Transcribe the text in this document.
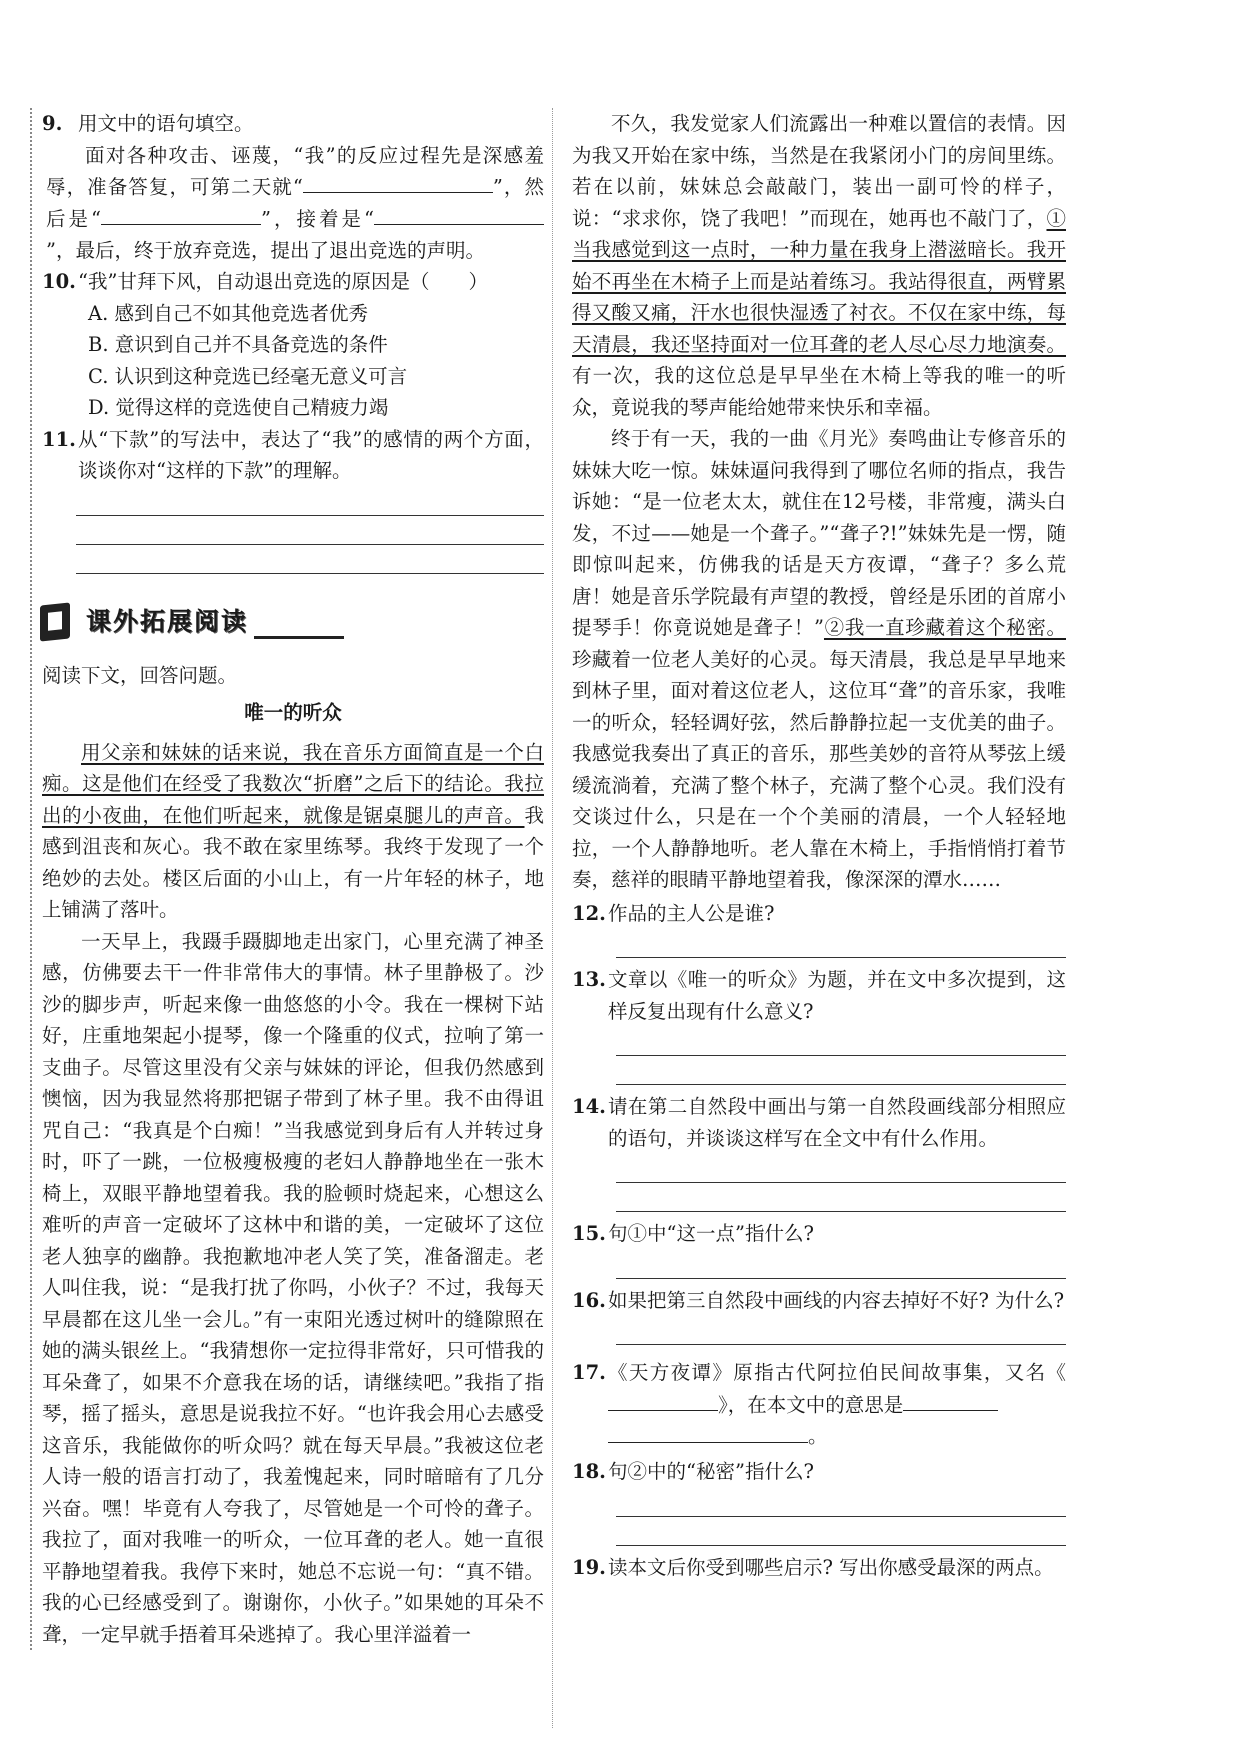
9. 用文中的语句填空。

面对各种攻击、诬蔑，“我”的反应过程先是深感羞辱，准备答复，可第二天就“	”，然后是“	”，接着是“”，最后，终于放弃竞选，提出了退出竞选的声明。

10. “我”甘拜下风，自动退出竞选的原因是（　　）
A. 感到自己不如其他竞选者优秀
B. 意识到自己并不具备竞选的条件
C. 认识到这种竞选已经毫无意义可言
D. 觉得这样的竞选使自己精疲力竭
11. 从“下款”的写法中，表达了“我”的感情的两个方面，谈谈你对“这样的下款”的理解。
课外拓展阅读

阅读下文，回答问题。

唯一的听众

用父亲和妹妹的话来说，我在音乐方面简直是一个白痴。这是他们在经受了我数次“折磨”之后下的结论。我拉出的小夜曲，在他们听起来，就像是锯桌腿儿的声音。我感到沮丧和灰心。我不敢在家里练琴。我终于发现了一个绝妙的去处。楼区后面的小山上，有一片年轻的林子，地上铺满了落叶。

一天早上，我蹑手蹑脚地走出家门，心里充满了神圣感，仿佛要去干一件非常伟大的事情。林子里静极了。沙沙的脚步声，听起来像一曲悠悠的小令。我在一棵树下站好，庄重地架起小提琴，像一个隆重的仪式，拉响了第一支曲子。尽管这里没有父亲与妹妹的评论，但我仍然感到懊恼，因为我显然将那把锯子带到了林子里。我不由得诅咒自己：“我真是个白痴！”当我感觉到身后有人并转过身时，吓了一跳，一位极瘦极瘦的老妇人静静地坐在一张木椅上，双眼平静地望着我。我的脸顿时烧起来，心想这么难听的声音一定破坏了这林中和谐的美，一定破坏了这位老人独享的幽静。我抱歉地冲老人笑了笑，准备溜走。老人叫住我，说：“是我打扰了你吗，小伙子？不过，我每天早晨都在这儿坐一会儿。”有一束阳光透过树叶的缝隙照在她的满头银丝上。“我猜想你一定拉得非常好，只可惜我的耳朵聋了，如果不介意我在场的话，请继续吧。”我指了指琴，摇了摇头，意思是说我拉不好。“也许我会用心去感受这音乐，我能做你的听众吗？就在每天早晨。”我被这位老人诗一般的语言打动了，我羞愧起来，同时暗暗有了几分兴奋。嘿！毕竟有人夸我了，尽管她是一个可怜的聋子。我拉了，面对我唯一的听众，一位耳聋的老人。她一直很平静地望着我。我停下来时，她总不忘说一句：“真不错。我的心已经感受到了。谢谢你，小伙子。”如果她的耳朵不聋，一定早就手捂着耳朵逃掉了。我心里洋溢着一

不久，我发觉家人们流露出一种难以置信的表情。因为我又开始在家中练，当然是在我紧闭小门的房间里练。若在以前，妹妹总会敲敲门，装出一副可怜的样子，说：“求求你，饶了我吧！”而现在，她再也不敲门了，①当我感觉到这一点时，一种力量在我身上潜滋暗长。我开始不再坐在木椅子上而是站着练习。我站得很直，两臂累得又酸又痛，汗水也很快湿透了衬衣。不仅在家中练，每天清晨，我还坚持面对一位耳聋的老人尽心尽力地演奏。有一次，我的这位总是早早坐在木椅上等我的唯一的听众，竟说我的琴声能给她带来快乐和幸福。

终于有一天，我的一曲《月光》奏鸣曲让专修音乐的妹妹大吃一惊。妹妹逼问我得到了哪位名师的指点，我告诉她：“是一位老太太，就住在12号楼，非常瘦，满头白发，不过——她是一个聋子。”“聋子?!”妹妹先是一愣，随即惊叫起来，仿佛我的话是天方夜谭，“聋子？多么荒唐！她是音乐学院最有声望的教授，曾经是乐团的首席小提琴手！你竟说她是聋子！”②我一直珍藏着这个秘密。珍藏着一位老人美好的心灵。每天清晨，我总是早早地来到林子里，面对着这位老人，这位耳“聋”的音乐家，我唯一的听众，轻轻调好弦，然后静静拉起一支优美的曲子。我感觉我奏出了真正的音乐，那些美妙的音符从琴弦上缓缓流淌着，充满了整个林子，充满了整个心灵。我们没有交谈过什么，只是在一个个美丽的清晨，一个人轻轻地拉，一个人静静地听。老人靠在木椅上，手指悄悄打着节奏，慈祥的眼睛平静地望着我，像深深的潭水……

12. 作品的主人公是谁?
13. 文章以《唯一的听众》为题，并在文中多次提到，这样反复出现有什么意义?
14. 请在第二自然段中画出与第一自然段画线部分相照应的语句，并谈谈这样写在全文中有什么作用。
15. 句①中“这一点”指什么?
16. 如果把第三自然段中画线的内容去掉好不好? 为什么?
17. 《天方夜谭》原指古代阿拉伯民间故事集，又名《》，在本文中的意思是
。
18. 句②中的“秘密”指什么?
19. 读本文后你受到哪些启示? 写出你感受最深的两点。
